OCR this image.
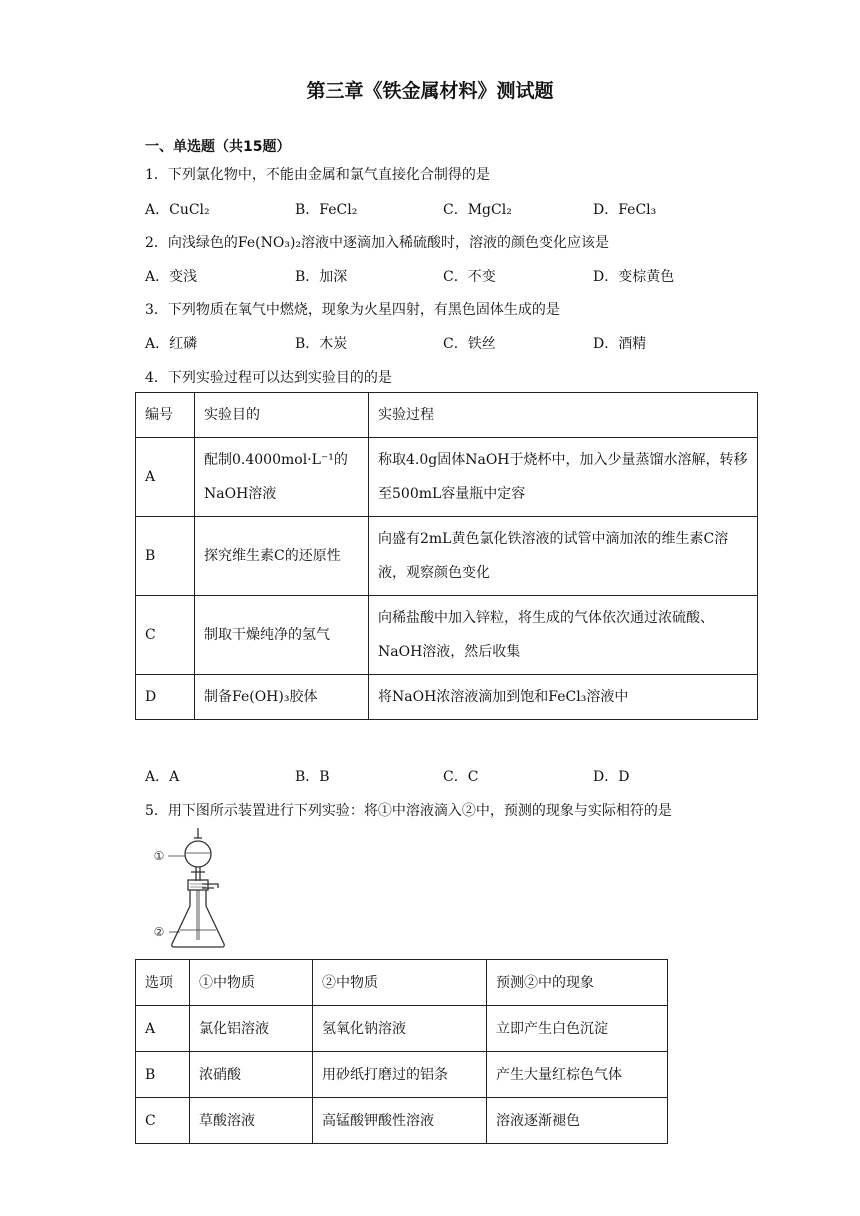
第三章《铁金属材料》测试题
一、单选题（共15题）
1．下列氯化物中，不能由金属和氯气直接化合制得的是
A．CuCl₂	B．FeCl₂	C．MgCl₂	D．FeCl₃
2．向浅绿色的Fe(NO₃)₂溶液中逐滴加入稀硫酸时，溶液的颜色变化应该是
A．变浅	B．加深	C．不变	D．变棕黄色
3．下列物质在氧气中燃烧，现象为火星四射，有黑色固体生成的是
A．红磷	B．木炭	C．铁丝	D．酒精
4．下列实验过程可以达到实验目的的是
编号	实验目的	实验过程
A	配制0.4000mol·L⁻¹的NaOH溶液	称取4.0g固体NaOH于烧杯中，加入少量蒸馏水溶解，转移至500mL容量瓶中定容
B	探究维生素C的还原性	向盛有2mL黄色氯化铁溶液的试管中滴加浓的维生素C溶液，观察颜色变化
C	制取干燥纯净的氢气	向稀盐酸中加入锌粒，将生成的气体依次通过浓硫酸、NaOH溶液，然后收集
D	制备Fe(OH)₃胶体	将NaOH浓溶液滴加到饱和FeCl₃溶液中
A．A	B．B	C．C	D．D
5．用下图所示装置进行下列实验：将①中溶液滴入②中，预测的现象与实际相符的是
①
②
选项	①中物质	②中物质	预测②中的现象
A	氯化铝溶液	氢氧化钠溶液	立即产生白色沉淀
B	浓硝酸	用砂纸打磨过的铝条	产生大量红棕色气体
C	草酸溶液	高锰酸钾酸性溶液	溶液逐渐褪色
